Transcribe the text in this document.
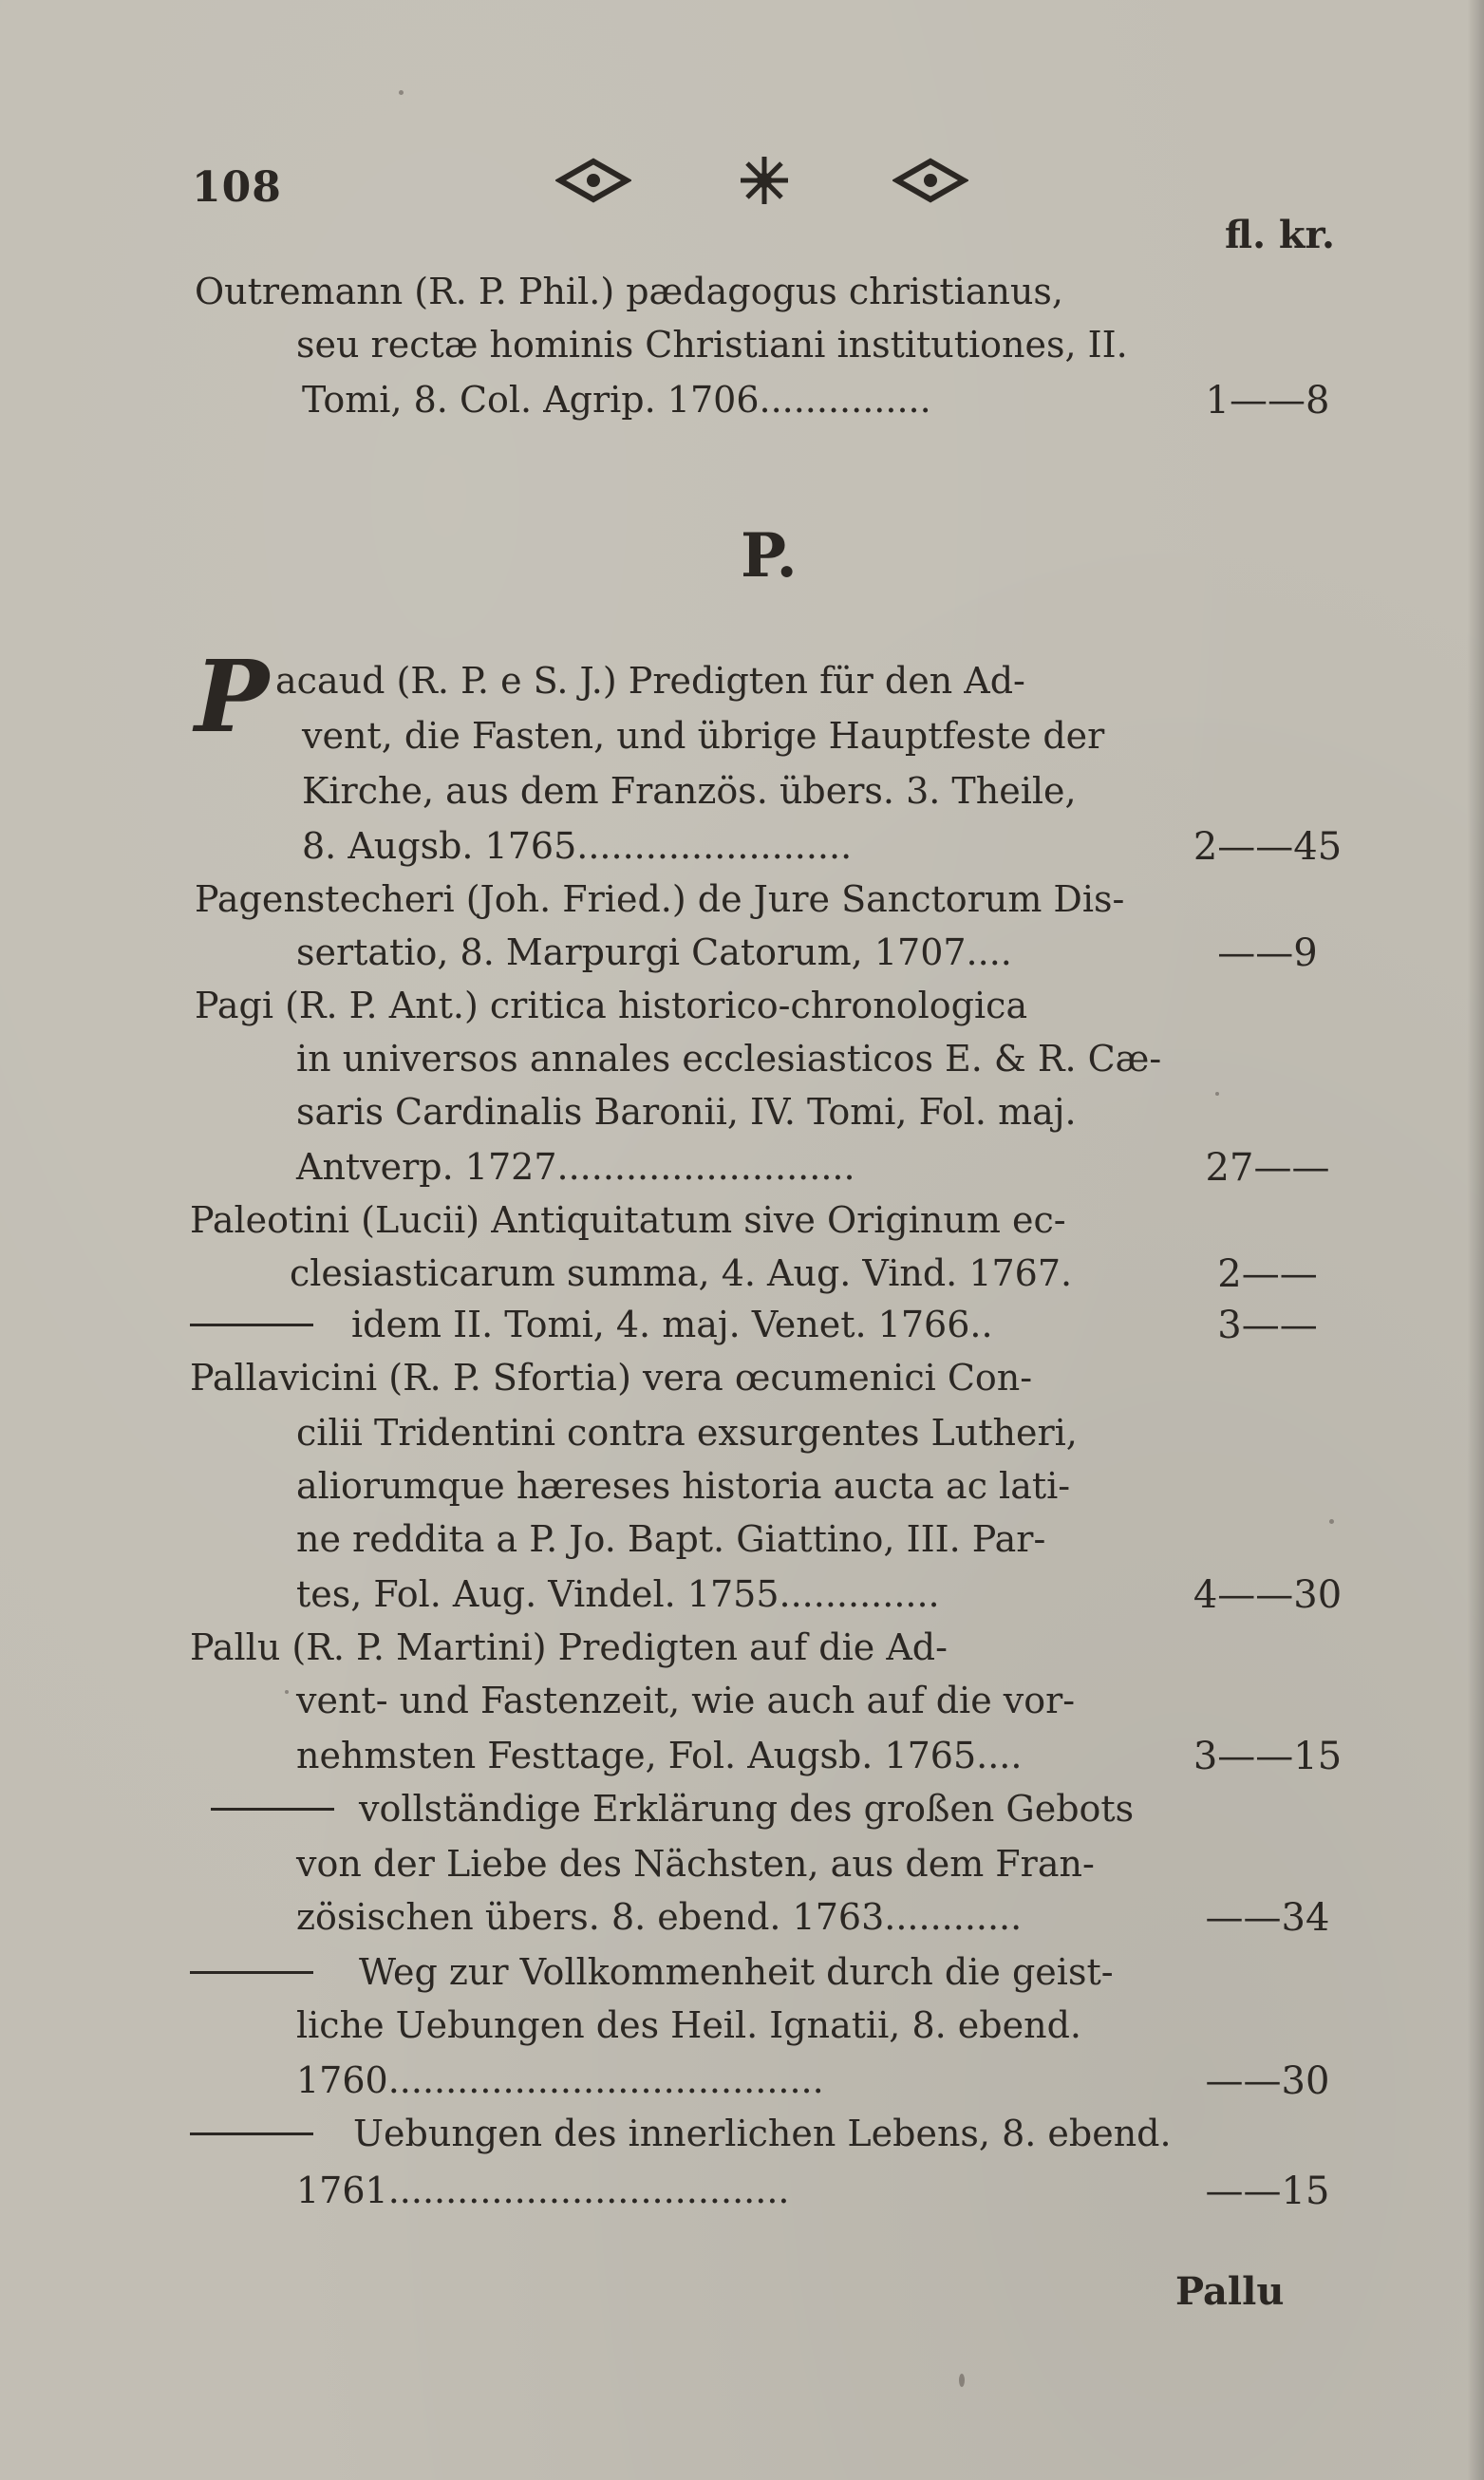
108
fl. kr.
Outremann (R. P. Phil.) pædagogus christianus,
seu rectæ hominis Christiani institutiones, II.
Tomi, 8. Col. Agrip. 1706...............	1——8
P.
P acaud (R. P. e S. J.) Predigten für den Ad-
vent, die Fasten, und übrige Hauptfeste der
Kirche, aus dem Französ. übers. 3. Theile,
8. Augsb. 1765........................	2——45
Pagenstecheri (Joh. Fried.) de Jure Sanctorum Dis-
sertatio, 8. Marpurgi Catorum, 1707....	——9
Pagi (R. P. Ant.) critica historico-chronologica
in universos annales ecclesiasticos E. & R. Cæ-
saris Cardinalis Baronii, IV. Tomi, Fol. maj.
Antverp. 1727..........................	27——
Paleotini (Lucii) Antiquitatum sive Originum ec-
clesiasticarum summa, 4. Aug. Vind. 1767.	2——
idem II. Tomi, 4. maj. Venet. 1766..	3——
Pallavicini (R. P. Sfortia) vera œcumenici Con-
cilii Tridentini contra exsurgentes Lutheri,
aliorumque hæreses historia aucta ac lati-
ne reddita a P. Jo. Bapt. Giattino, III. Par-
tes, Fol. Aug. Vindel. 1755..............	4——30
Pallu (R. P. Martini) Predigten auf die Ad-
vent- und Fastenzeit, wie auch auf die vor-
nehmsten Festtage, Fol. Augsb. 1765....	3——15
vollständige Erklärung des großen Gebots
von der Liebe des Nächsten, aus dem Fran-
zösischen übers. 8. ebend. 1763............	——34
Weg zur Vollkommenheit durch die geist-
liche Uebungen des Heil. Ignatii, 8. ebend.
1760......................................	——30
Uebungen des innerlichen Lebens, 8. ebend.
1761...................................	——15
Pallu
